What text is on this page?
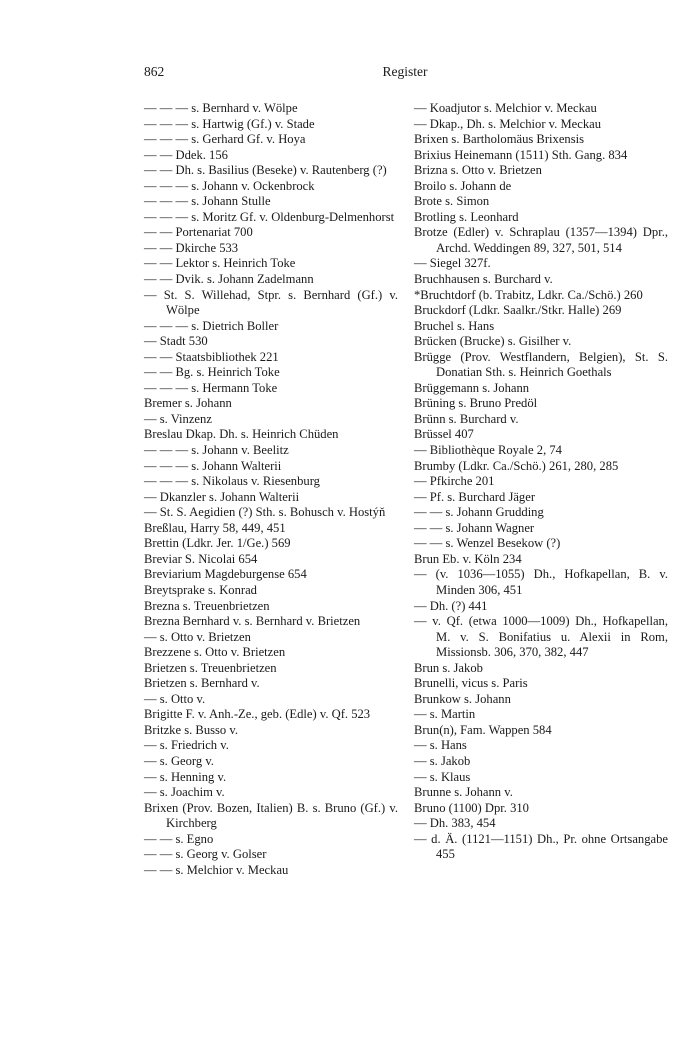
862	Register
— — — s. Bernhard v. Wölpe
— — — s. Hartwig (Gf.) v. Stade
— — — s. Gerhard Gf. v. Hoya
— — Ddek. 156
— — Dh. s. Basilius (Beseke) v. Rautenberg (?)
— — — s. Johann v. Ockenbrock
— — — s. Johann Stulle
— — — s. Moritz Gf. v. Oldenburg-Delmenhorst
— — Portenariat 700
— — Dkirche 533
— — Lektor s. Heinrich Toke
— — Dvik. s. Johann Zadelmann
— St. S. Willehad, Stpr. s. Bernhard (Gf.) v. Wölpe
— — — s. Dietrich Boller
— Stadt 530
— — Staatsbibliothek 221
— — Bg. s. Heinrich Toke
— — — s. Hermann Toke
Bremer s. Johann
— s. Vinzenz
Breslau Dkap. Dh. s. Heinrich Chüden
— — — s. Johann v. Beelitz
— — — s. Johann Walterii
— — — s. Nikolaus v. Riesenburg
— Dkanzler s. Johann Walterii
— St. S. Aegidien (?) Sth. s. Bohusch v. Hostýň
Breßlau, Harry 58, 449, 451
Brettin (Ldkr. Jer. 1/Ge.) 569
Breviar S. Nicolai 654
Breviarium Magdeburgense 654
Breytsprake s. Konrad
Brezna s. Treuenbrietzen
Brezna Bernhard v. s. Bernhard v. Brietzen
— s. Otto v. Brietzen
Brezzene s. Otto v. Brietzen
Brietzen s. Treuenbrietzen
Brietzen s. Bernhard v.
— s. Otto v.
Brigitte F. v. Anh.-Ze., geb. (Edle) v. Qf. 523
Britzke s. Busso v.
— s. Friedrich v.
— s. Georg v.
— s. Henning v.
— s. Joachim v.
Brixen (Prov. Bozen, Italien) B. s. Bruno (Gf.) v. Kirchberg
— — s. Egno
— — s. Georg v. Golser
— — s. Melchior v. Meckau
— Koadjutor s. Melchior v. Meckau
— Dkap., Dh. s. Melchior v. Meckau
Brixen s. Bartholomäus Brixensis
Brixius Heinemann (1511) Sth. Gang. 834
Brizna s. Otto v. Brietzen
Broilo s. Johann de
Brote s. Simon
Brotling s. Leonhard
Brotze (Edler) v. Schraplau (1357—1394) Dpr., Archd. Weddingen 89, 327, 501, 514
— Siegel 327f.
Bruchhausen s. Burchard v.
*Bruchtdorf (b. Trabitz, Ldkr. Ca./Schö.) 260
Bruckdorf (Ldkr. Saalkr./Stkr. Halle) 269
Bruchel s. Hans
Brücken (Brucke) s. Gisilher v.
Brügge (Prov. Westflandern, Belgien), St. S. Donatian Sth. s. Heinrich Goethals
Brüggemann s. Johann
Brüning s. Bruno Predöl
Brünn s. Burchard v.
Brüssel 407
— Bibliothèque Royale 2, 74
Brumby (Ldkr. Ca./Schö.) 261, 280, 285
— Pfkirche 201
— Pf. s. Burchard Jäger
— — s. Johann Grudding
— — s. Johann Wagner
— — s. Wenzel Besekow (?)
Brun Eb. v. Köln 234
— (v. 1036—1055) Dh., Hofkapellan, B. v. Minden 306, 451
— Dh. (?) 441
— v. Qf. (etwa 1000—1009) Dh., Hofkapellan, M. v. S. Bonifatius u. Alexii in Rom, Missionsb. 306, 370, 382, 447
Brun s. Jakob
Brunelli, vicus s. Paris
Brunkow s. Johann
— s. Martin
Brun(n), Fam. Wappen 584
— s. Hans
— s. Jakob
— s. Klaus
Brunne s. Johann v.
Bruno (1100) Dpr. 310
— Dh. 383, 454
— d. Ä. (1121—1151) Dh., Pr. ohne Ortsangabe 455
